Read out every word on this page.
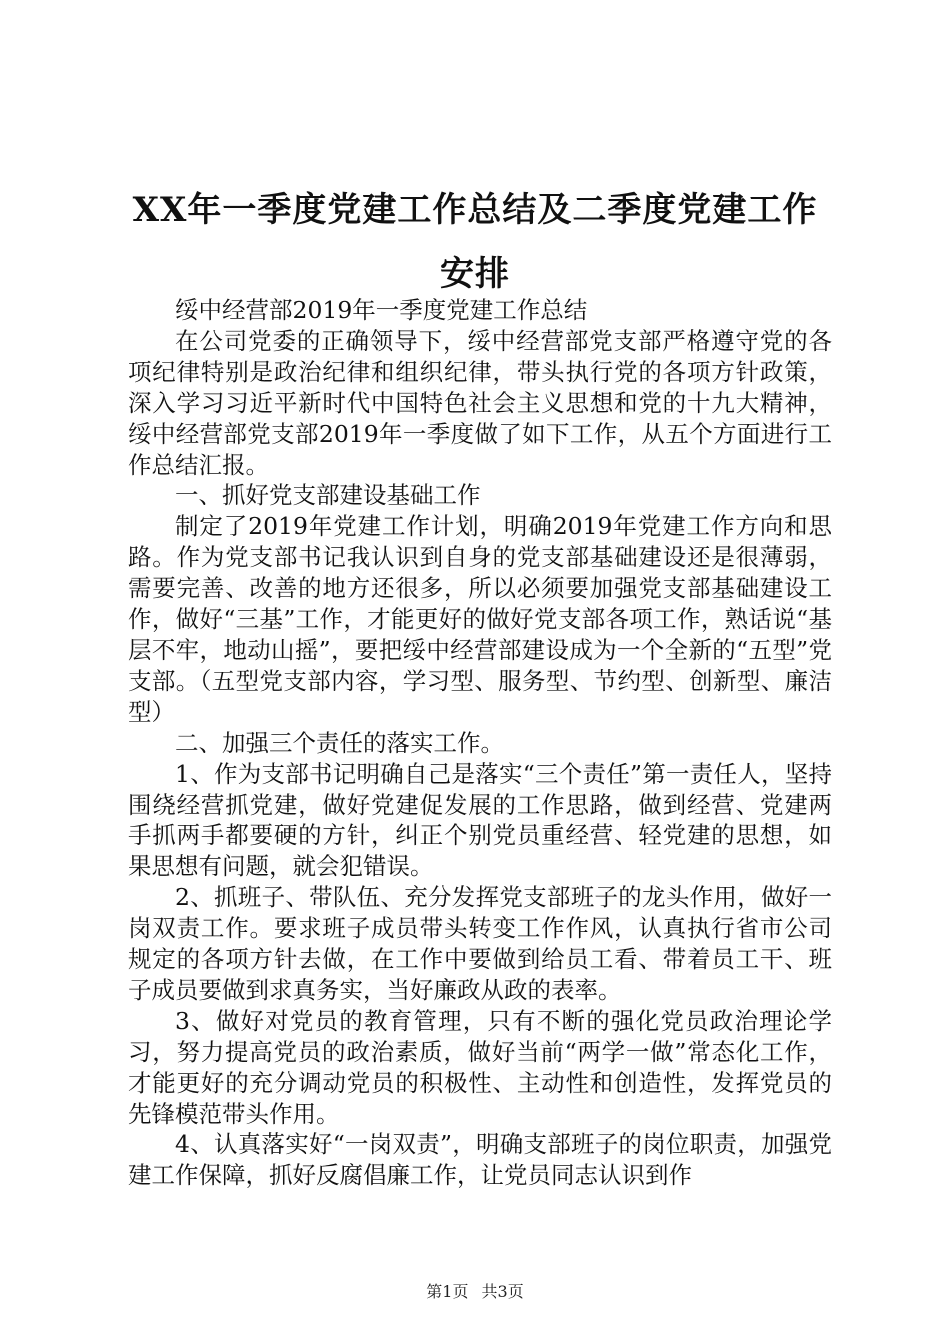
XX年一季度党建工作总结及二季度党建工作
安排

绥中经营部2019年一季度党建工作总结

在公司党委的正确领导下，绥中经营部党支部严格遵守党的各项纪律特别是政治纪律和组织纪律，带头执行党的各项方针政策，深入学习习近平新时代中国特色社会主义思想和党的十九大精神，绥中经营部党支部2019年一季度做了如下工作，从五个方面进行工作总结汇报。

一、抓好党支部建设基础工作

制定了2019年党建工作计划，明确2019年党建工作方向和思路。作为党支部书记我认识到自身的党支部基础建设还是很薄弱，需要完善、改善的地方还很多，所以必须要加强党支部基础建设工作，做好“三基”工作，才能更好的做好党支部各项工作，熟话说“基层不牢，地动山摇”，要把绥中经营部建设成为一个全新的“五型”党支部。（五型党支部内容，学习型、服务型、节约型、创新型、廉洁型）

二、加强三个责任的落实工作。

1、作为支部书记明确自己是落实“三个责任”第一责任人，坚持围绕经营抓党建，做好党建促发展的工作思路，做到经营、党建两手抓两手都要硬的方针，纠正个别党员重经营、轻党建的思想，如果思想有问题，就会犯错误。

2、抓班子、带队伍、充分发挥党支部班子的龙头作用，做好一岗双责工作。要求班子成员带头转变工作作风，认真执行省市公司规定的各项方针去做，在工作中要做到给员工看、带着员工干、班子成员要做到求真务实，当好廉政从政的表率。

3、做好对党员的教育管理，只有不断的强化党员政治理论学习，努力提高党员的政治素质，做好当前“两学一做”常态化工作，才能更好的充分调动党员的积极性、主动性和创造性，发挥党员的先锋模范带头作用。

4、认真落实好“一岗双责”，明确支部班子的岗位职责，加强党建工作保障，抓好反腐倡廉工作，让党员同志认识到作

第1页 共3页
